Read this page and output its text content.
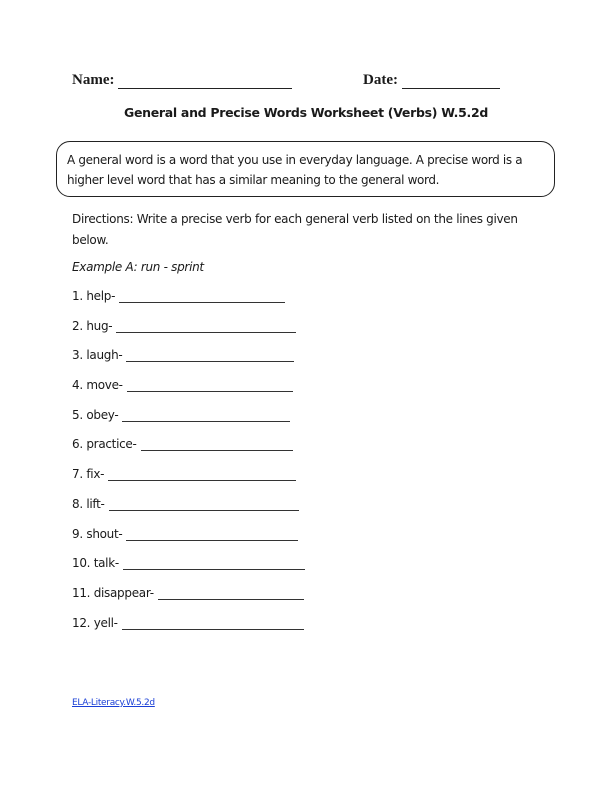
Name:	Date:
General and Precise Words Worksheet (Verbs) W.5.2d
A general word is a word that you use in everyday language. A precise word is a higher level word that has a similar meaning to the general word.
Directions: Write a precise verb for each general verb listed on the lines given below.
Example A: run - sprint
1. help-
2. hug-
3. laugh-
4. move-
5. obey-
6. practice-
7. fix-
8. lift-
9. shout-
10. talk-
11. disappear-
12. yell-
ELA-Literacy.W.5.2d
